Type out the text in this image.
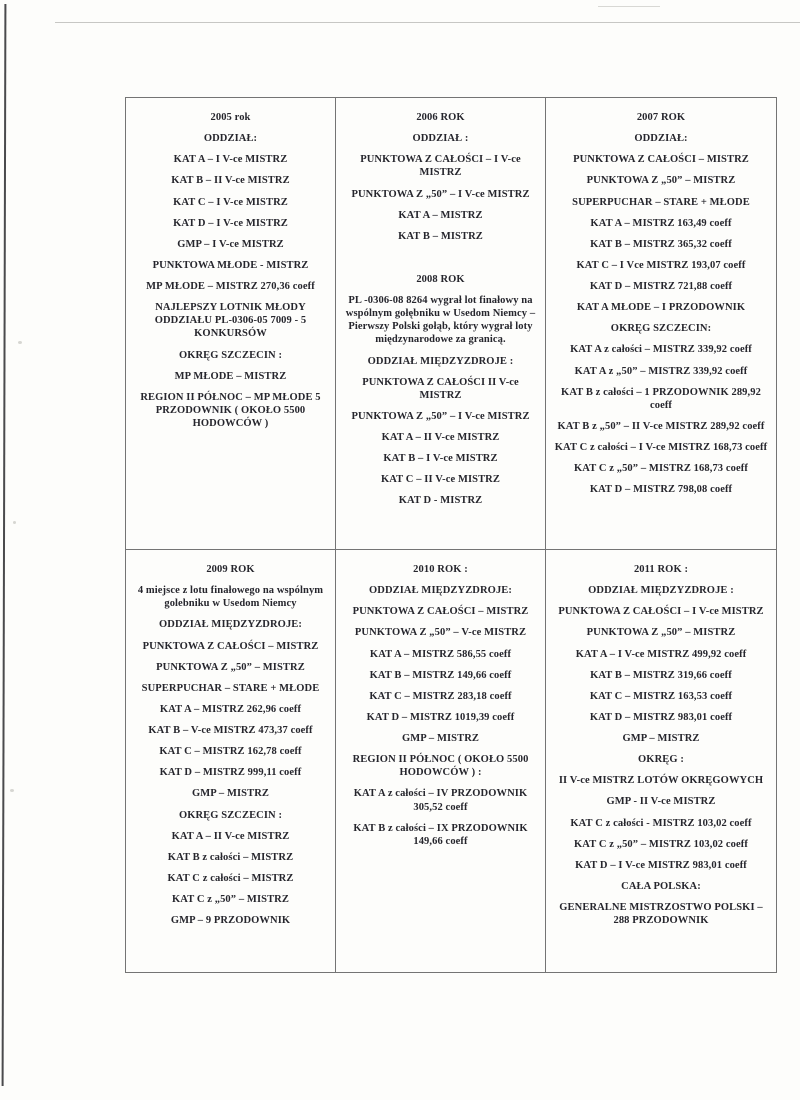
2005 rok

ODDZIAŁ:

KAT A – I V-ce MISTRZ

KAT B – II V-ce MISTRZ

KAT C – I V-ce MISTRZ

KAT D – I V-ce MISTRZ

GMP – I V-ce MISTRZ

PUNKTOWA MŁODE - MISTRZ

MP MŁODE – MISTRZ 270,36 coeff

NAJLEPSZY LOTNIK MŁODY ODDZIAŁU PL-0306-05 7009 - 5 KONKURSÓW

OKRĘG SZCZECIN :

MP MŁODE – MISTRZ

REGION II PÓŁNOC – MP MŁODE 5 PRZODOWNIK ( OKOŁO 5500 HODOWCÓW )

2006 ROK

ODDZIAŁ :

PUNKTOWA Z CAŁOŚCI – I V-ce MISTRZ

PUNKTOWA Z „50” – I V-ce MISTRZ

KAT A – MISTRZ

KAT B – MISTRZ

2008 ROK

PL -0306-08 8264 wygrał lot finałowy na wspólnym gołębniku w Usedom Niemcy – Pierwszy Polski gołąb, który wygrał loty międzynarodowe za granicą.

ODDZIAŁ MIĘDZYZDROJE :

PUNKTOWA Z CAŁOŚCI II V-ce MISTRZ

PUNKTOWA Z „50” – I V-ce MISTRZ

KAT A – II V-ce MISTRZ

KAT B – I V-ce MISTRZ

KAT C – II V-ce MISTRZ

KAT D - MISTRZ

2007 ROK

ODDZIAŁ:

PUNKTOWA Z CAŁOŚCI – MISTRZ

PUNKTOWA Z „50” – MISTRZ

SUPERPUCHAR – STARE + MŁODE

KAT A – MISTRZ 163,49 coeff

KAT B – MISTRZ 365,32 coeff

KAT C – I Vce MISTRZ 193,07 coeff

KAT D – MISTRZ 721,88 coeff

KAT A MŁODE – I PRZODOWNIK

OKRĘG SZCZECIN:

KAT A z całości – MISTRZ 339,92 coeff

KAT A z „50” – MISTRZ 339,92 coeff

KAT B z całości – 1 PRZODOWNIK 289,92 coeff

KAT B z „50” – II V-ce MISTRZ 289,92 coeff

KAT C z całości – I V-ce MISTRZ 168,73 coeff

KAT C z „50” – MISTRZ 168,73 coeff

KAT D – MISTRZ 798,08 coeff

2009 ROK

4 miejsce z lotu finałowego na wspólnym golebniku w Usedom Niemcy

ODDZIAŁ MIĘDZYZDROJE:

PUNKTOWA Z CAŁOŚCI – MISTRZ

PUNKTOWA Z „50” – MISTRZ

SUPERPUCHAR – STARE + MŁODE

KAT A – MISTRZ 262,96 coeff

KAT B – V-ce MISTRZ 473,37 coeff

KAT C – MISTRZ 162,78 coeff

KAT D – MISTRZ 999,11 coeff

GMP – MISTRZ

OKRĘG SZCZECIN :

KAT A – II V-ce MISTRZ

KAT B z całości – MISTRZ

KAT C z całości – MISTRZ

KAT C z „50” – MISTRZ

GMP – 9 PRZODOWNIK

2010 ROK :

ODDZIAŁ MIĘDZYZDROJE:

PUNKTOWA Z CAŁOŚCI – MISTRZ

PUNKTOWA Z „50” – V-ce MISTRZ

KAT A – MISTRZ 586,55 coeff

KAT B – MISTRZ 149,66 coeff

KAT C – MISTRZ 283,18 coeff

KAT D – MISTRZ 1019,39 coeff

GMP – MISTRZ

REGION II PÓŁNOC ( OKOŁO 5500 HODOWCÓW ) :

KAT A z całości – IV PRZODOWNIK 305,52 coeff

KAT B z całości – IX PRZODOWNIK 149,66 coeff

2011 ROK :

ODDZIAŁ MIĘDZYZDROJE :

PUNKTOWA Z CAŁOŚCI – I V-ce MISTRZ

PUNKTOWA Z „50” – MISTRZ

KAT A – I V-ce MISTRZ 499,92 coeff

KAT B – MISTRZ 319,66 coeff

KAT C – MISTRZ 163,53 coeff

KAT D – MISTRZ 983,01 coeff

GMP – MISTRZ

OKRĘG :

II V-ce MISTRZ LOTÓW OKRĘGOWYCH

GMP - II V-ce MISTRZ

KAT C z całości - MISTRZ 103,02 coeff

KAT C z „50” – MISTRZ 103,02 coeff

KAT D – I V-ce MISTRZ 983,01 coeff

CAŁA POLSKA:

GENERALNE MISTRZOSTWO POLSKI – 288 PRZODOWNIK
